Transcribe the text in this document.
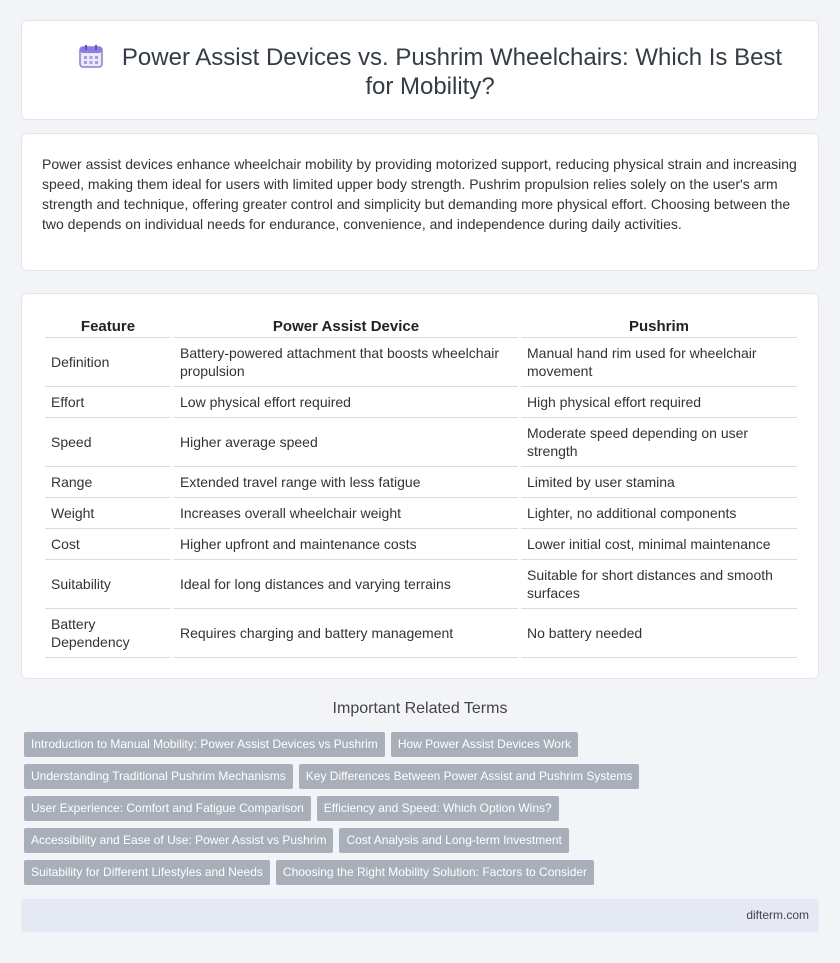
Power Assist Devices vs. Pushrim Wheelchairs: Which Is Best for Mobility?

Power assist devices enhance wheelchair mobility by providing motorized support, reducing physical strain and increasing speed, making them ideal for users with limited upper body strength. Pushrim propulsion relies solely on the user's arm strength and technique, offering greater control and simplicity but demanding more physical effort. Choosing between the two depends on individual needs for endurance, convenience, and independence during daily activities.

Feature	Power Assist Device	Pushrim
Definition	Battery-powered attachment that boosts wheelchair propulsion	Manual hand rim used for wheelchair movement
Effort	Low physical effort required	High physical effort required
Speed	Higher average speed	Moderate speed depending on user strength
Range	Extended travel range with less fatigue	Limited by user stamina
Weight	Increases overall wheelchair weight	Lighter, no additional components
Cost	Higher upfront and maintenance costs	Lower initial cost, minimal maintenance
Suitability	Ideal for long distances and varying terrains	Suitable for short distances and smooth surfaces
Battery Dependency	Requires charging and battery management	No battery needed
Important Related Terms
Introduction to Manual Mobility: Power Assist Devices vs Pushrim How Power Assist Devices Work
Understanding Traditional Pushrim Mechanisms Key Differences Between Power Assist and Pushrim Systems
User Experience: Comfort and Fatigue Comparison Efficiency and Speed: Which Option Wins?
Accessibility and Ease of Use: Power Assist vs Pushrim Cost Analysis and Long-term Investment
Suitability for Different Lifestyles and Needs Choosing the Right Mobility Solution: Factors to Consider
difterm.com
